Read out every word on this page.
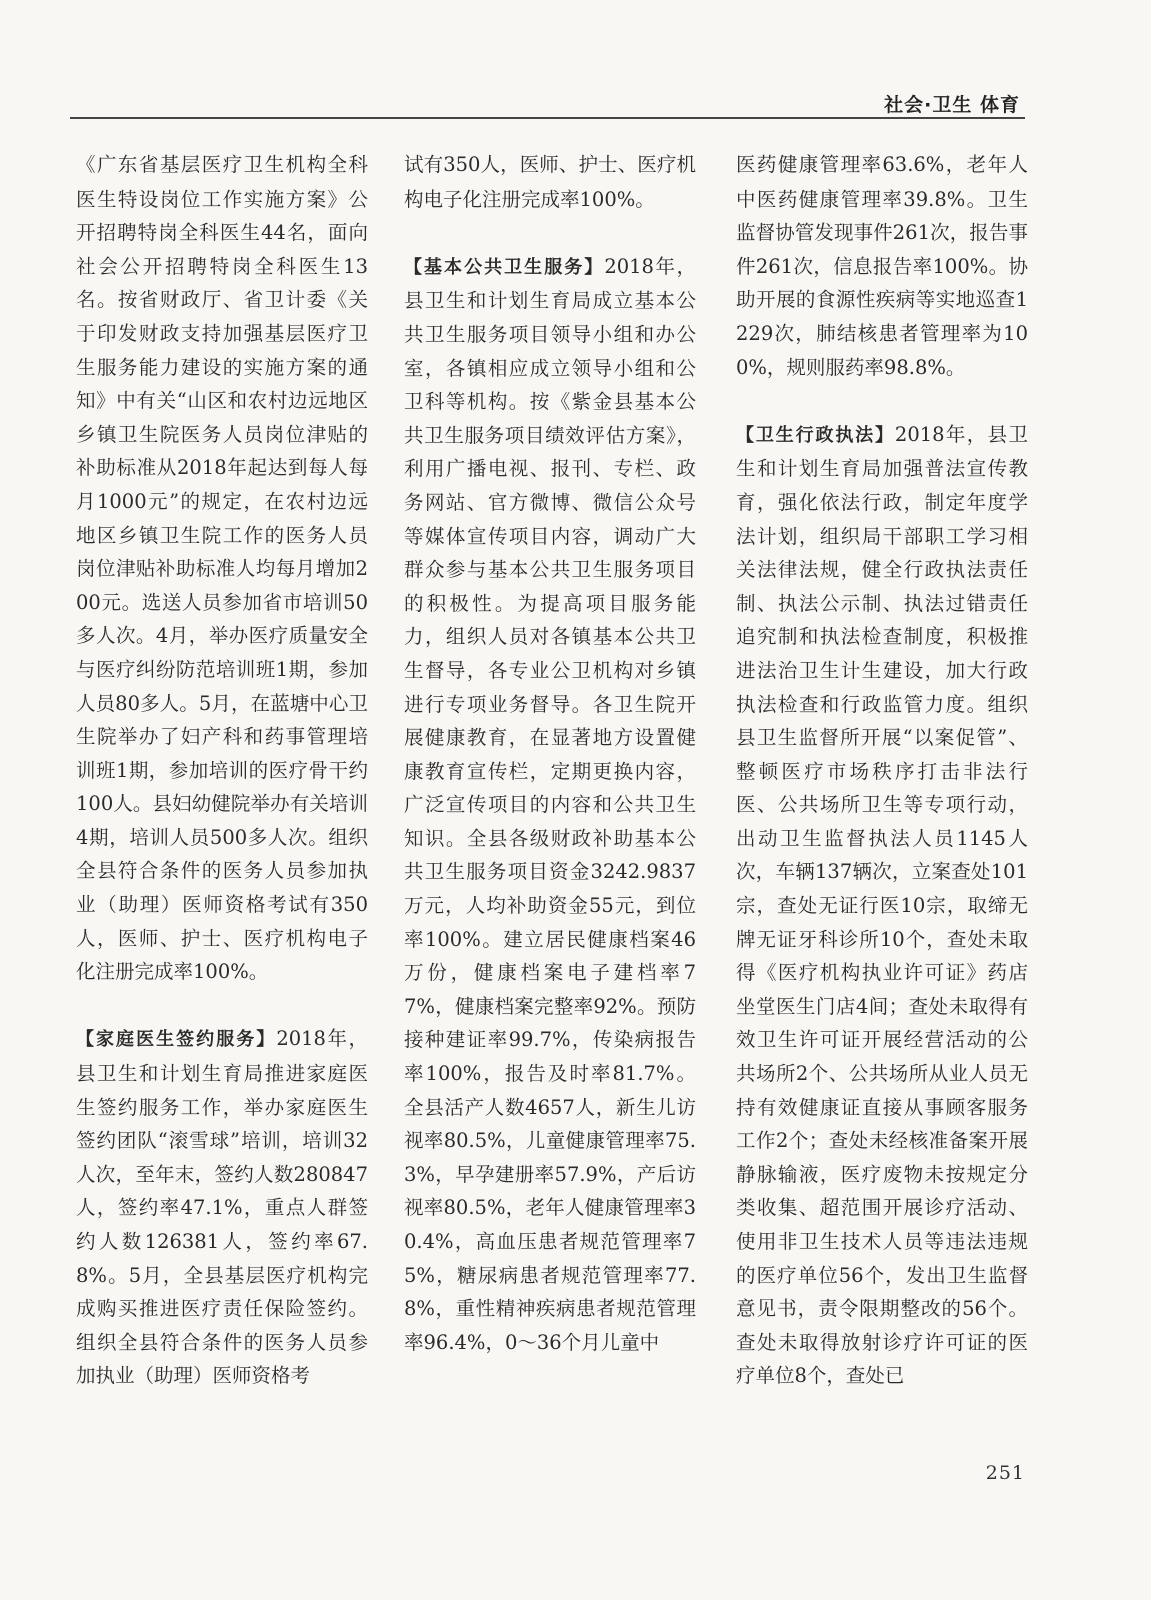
社会·卫生 体育

《广东省基层医疗卫生机构全科医生特设岗位工作实施方案》公开招聘特岗全科医生44名，面向社会公开招聘特岗全科医生13名。按省财政厅、省卫计委《关于印发财政支持加强基层医疗卫生服务能力建设的实施方案的通知》中有关“山区和农村边远地区乡镇卫生院医务人员岗位津贴的补助标准从2018年起达到每人每月1000元”的规定，在农村边远地区乡镇卫生院工作的医务人员岗位津贴补助标准人均每月增加200元。选送人员参加省市培训50多人次。4月，举办医疗质量安全与医疗纠纷防范培训班1期，参加人员80多人。5月，在蓝塘中心卫生院举办了妇产科和药事管理培训班1期，参加培训的医疗骨干约100人。县妇幼健院举办有关培训4期，培训人员500多人次。组织全县符合条件的医务人员参加执业（助理）医师资格考试有350人，医师、护士、医疗机构电子化注册完成率100%。

【家庭医生签约服务】2018年，县卫生和计划生育局推进家庭医生签约服务工作，举办家庭医生签约团队“滚雪球”培训，培训32人次，至年末，签约人数280847人，签约率47.1%，重点人群签约人数126381人，签约率67.8%。5月，全县基层医疗机构完成购买推进医疗责任保险签约。组织全县符合条件的医务人员参加执业（助理）医师资格考

试有350人，医师、护士、医疗机构电子化注册完成率100%。

【基本公共卫生服务】2018年，县卫生和计划生育局成立基本公共卫生服务项目领导小组和办公室，各镇相应成立领导小组和公卫科等机构。按《紫金县基本公共卫生服务项目绩效评估方案》，利用广播电视、报刊、专栏、政务网站、官方微博、微信公众号等媒体宣传项目内容，调动广大群众参与基本公共卫生服务项目的积极性。为提高项目服务能力，组织人员对各镇基本公共卫生督导，各专业公卫机构对乡镇进行专项业务督导。各卫生院开展健康教育，在显著地方设置健康教育宣传栏，定期更换内容，广泛宣传项目的内容和公共卫生知识。全县各级财政补助基本公共卫生服务项目资金3242.9837万元，人均补助资金55元，到位率100%。建立居民健康档案46万份，健康档案电子建档率77%，健康档案完整率92%。预防接种建证率99.7%，传染病报告率100%，报告及时率81.7%。全县活产人数4657人，新生儿访视率80.5%，儿童健康管理率75.3%，早孕建册率57.9%，产后访视率80.5%，老年人健康管理率30.4%，高血压患者规范管理率75%，糖尿病患者规范管理率77.8%，重性精神疾病患者规范管理率96.4%，0～36个月儿童中

医药健康管理率63.6%，老年人中医药健康管理率39.8%。卫生监督协管发现事件261次，报告事件261次，信息报告率100%。协助开展的食源性疾病等实地巡查1229次，肺结核患者管理率为100%，规则服药率98.8%。

【卫生行政执法】2018年，县卫生和计划生育局加强普法宣传教育，强化依法行政，制定年度学法计划，组织局干部职工学习相关法律法规，健全行政执法责任制、执法公示制、执法过错责任追究制和执法检查制度，积极推进法治卫生计生建设，加大行政执法检查和行政监管力度。组织县卫生监督所开展“以案促管”、整顿医疗市场秩序打击非法行医、公共场所卫生等专项行动，出动卫生监督执法人员1145人次，车辆137辆次，立案查处101宗，查处无证行医10宗，取缔无牌无证牙科诊所10个，查处未取得《医疗机构执业许可证》药店坐堂医生门店4间；查处未取得有效卫生许可证开展经营活动的公共场所2个、公共场所从业人员无持有效健康证直接从事顾客服务工作2个；查处未经核准备案开展静脉输液，医疗废物未按规定分类收集、超范围开展诊疗活动、使用非卫生技术人员等违法违规的医疗单位56个，发出卫生监督意见书，责令限期整改的56个。查处未取得放射诊疗许可证的医疗单位8个，查处已

251
